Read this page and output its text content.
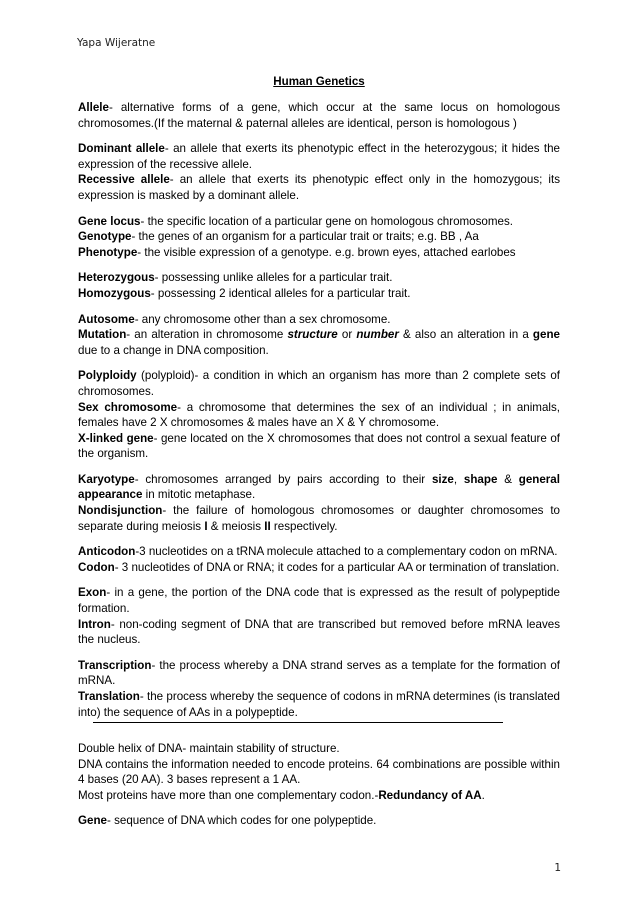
Yapa Wijeratne
Human Genetics

Allele- alternative forms of a gene, which occur at the same locus on homologous chromosomes.(If the maternal & paternal alleles are identical, person is homologous )

Dominant allele- an allele that exerts its phenotypic effect in the heterozygous; it hides the expression of the recessive allele.

Recessive allele- an allele that exerts its phenotypic effect only in the homozygous; its expression is masked by a dominant allele.

Gene locus- the specific location of a particular gene on homologous chromosomes.

Genotype- the genes of an organism for a particular trait or traits; e.g. BB , Aa

Phenotype- the visible expression of a genotype. e.g. brown eyes, attached earlobes

Heterozygous- possessing unlike alleles for a particular trait.

Homozygous- possessing 2 identical alleles for a particular trait.

Autosome- any chromosome other than a sex chromosome.

Mutation- an alteration in chromosome structure or number & also an alteration in a gene due to a change in DNA composition.

Polyploidy (polyploid)- a condition in which an organism has more than 2 complete sets of chromosomes.

Sex chromosome- a chromosome that determines the sex of an individual ; in animals, females have 2 X chromosomes & males have an X & Y chromosome.

X-linked gene- gene located on the X chromosomes that does not control a sexual feature of the organism.

Karyotype- chromosomes arranged by pairs according to their size, shape & general appearance in mitotic metaphase.

Nondisjunction- the failure of homologous chromosomes or daughter chromosomes to separate during meiosis I & meiosis II respectively.

Anticodon-3 nucleotides on a tRNA molecule attached to a complementary codon on mRNA.

Codon- 3 nucleotides of DNA or RNA; it codes for a particular AA or termination of translation.

Exon- in a gene, the portion of the DNA code that is expressed as the result of polypeptide formation.

Intron- non-coding segment of DNA that are transcribed but removed before mRNA leaves the nucleus.

Transcription- the process whereby a DNA strand serves as a template for the formation of mRNA.

Translation- the process whereby the sequence of codons in mRNA determines (is translated into) the sequence of AAs in a polypeptide.

Double helix of DNA- maintain stability of structure.

DNA contains the information needed to encode proteins. 64 combinations are possible within 4 bases (20 AA). 3 bases represent a 1 AA.

Most proteins have more than one complementary codon.-Redundancy of AA.

Gene- sequence of DNA which codes for one polypeptide.

1
